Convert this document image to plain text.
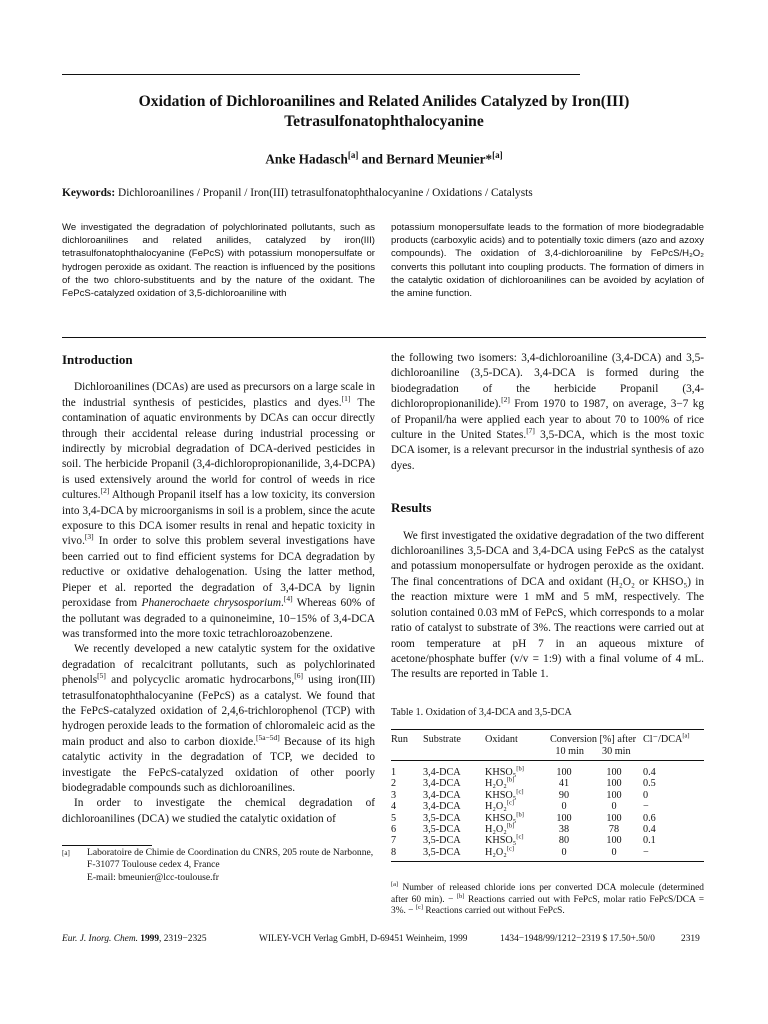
Oxidation of Dichloroanilines and Related Anilides Catalyzed by Iron(III) Tetrasulfonatophthalocyanine
Anke Hadasch[a] and Bernard Meunier*[a]
Keywords: Dichloroanilines / Propanil / Iron(III) tetrasulfonatophthalocyanine / Oxidations / Catalysts
We investigated the degradation of polychlorinated pollutants, such as dichloroanilines and related anilides, catalyzed by iron(III) tetrasulfonatophthalocyanine (FePcS) with potassium monopersulfate or hydrogen peroxide as oxidant. The reaction is influenced by the positions of the two chloro-substituents and by the nature of the oxidant. The FePcS-catalyzed oxidation of 3,5-dichloroaniline with
potassium monopersulfate leads to the formation of more biodegradable products (carboxylic acids) and to potentially toxic dimers (azo and azoxy compounds). The oxidation of 3,4-dichloroaniline by FePcS/H₂O₂ converts this pollutant into coupling products. The formation of dimers in the catalytic oxidation of dichloroanilines can be avoided by acylation of the amine function.
Introduction

Dichloroanilines (DCAs) are used as precursors on a large scale in the industrial synthesis of pesticides, plastics and dyes.[1] The contamination of aquatic environments by DCAs can occur directly through their accidental release during industrial processing or indirectly by microbial degradation of DCA-derived pesticides in soil. The herbicide Propanil (3,4-dichloropropionanilide, 3,4-DCPA) is used extensively around the world for control of weeds in rice cultures.[2] Although Propanil itself has a low toxicity, its conversion into 3,4-DCA by microorganisms in soil is a problem, since the acute exposure to this DCA isomer results in renal and hepatic toxicity in vivo.[3] In order to solve this problem several investigations have been carried out to find efficient systems for DCA degradation by reductive or oxidative dehalogenation. Using the latter method, Pieper et al. reported the degradation of 3,4-DCA by lignin peroxidase from Phanerochaete chrysosporium.[4] Whereas 60% of the pollutant was degraded to a quinoneimine, 10−15% of 3,4-DCA was transformed into the more toxic tetrachloroazobenzene.

We recently developed a new catalytic system for the oxidative degradation of recalcitrant pollutants, such as polychlorinated phenols[5] and polycyclic aromatic hydrocarbons,[6] using iron(III) tetrasulfonatophthalocyanine (FePcS) as a catalyst. We found that the FePcS-catalyzed oxidation of 2,4,6-trichlorophenol (TCP) with hydrogen peroxide leads to the formation of chloromaleic acid as the main product and also to carbon dioxide.[5a−5d] Because of its high catalytic activity in the degradation of TCP, we decided to investigate the FePcS-catalyzed oxidation of other poorly biodegradable compounds such as dichloroanilines.

In order to investigate the chemical degradation of dichloroanilines (DCA) we studied the catalytic oxidation of

the following two isomers: 3,4-dichloroaniline (3,4-DCA) and 3,5-dichloroaniline (3,5-DCA). 3,4-DCA is formed during the biodegradation of the herbicide Propanil (3,4-dichloropropionanilide).[2] From 1970 to 1987, on average, 3−7 kg of Propanil/ha were applied each year to about 70 to 100% of rice culture in the United States.[7] 3,5-DCA, which is the most toxic DCA isomer, is a relevant precursor in the industrial synthesis of azo dyes.

Results

We first investigated the oxidative degradation of the two different dichloroanilines 3,5-DCA and 3,4-DCA using FePcS as the catalyst and potassium monopersulfate or hydrogen peroxide as the oxidant. The final concentrations of DCA and oxidant (H₂O₂ or KHSO₅) in the reaction mixture were 1 mM and 5 mM, respectively. The solution contained 0.03 mM of FePcS, which corresponds to a molar ratio of catalyst to substrate of 3%. The reactions were carried out at room temperature at pH 7 in an aqueous mixture of acetone/phosphate buffer (v/v = 1:9) with a final volume of 4 mL. The results are reported in Table 1.

Table 1. Oxidation of 3,4-DCA and 3,5-DCA
Run	Substrate	Oxidant	Conversion [%] after
10 min 30 min		Cl⁻/DCA[a]
1	3,4-DCA	KHSO₅[b]	100	100	0.4
2	3,4-DCA	H₂O₂[b]	41	100	0.5
3	3,4-DCA	KHSO₅[c]	90	100	0
4	3,4-DCA	H₂O₂[c]	0	0	−
5	3,5-DCA	KHSO₅[b]	100	100	0.6
6	3,5-DCA	H₂O₂[b]	38	78	0.4
7	3,5-DCA	KHSO₅[c]	80	100	0.1
8	3,5-DCA	H₂O₂[c]	0	0	−
[a] Number of released chloride ions per converted DCA molecule (determined after 60 min). − [b] Reactions carried out with FePcS, molar ratio FePcS/DCA = 3%. − [c] Reactions carried out without FePcS.
[a] Laboratoire de Chimie de Coordination du CNRS, 205 route de Narbonne,
F-31077 Toulouse cedex 4, France
E-mail: bmeunier@lcc-toulouse.fr
Eur. J. Inorg. Chem. 1999, 2319−2325	WILEY-VCH Verlag GmbH, D-69451 Weinheim, 1999	1434−1948/99/1212−2319 $ 17.50+.50/0	2319
